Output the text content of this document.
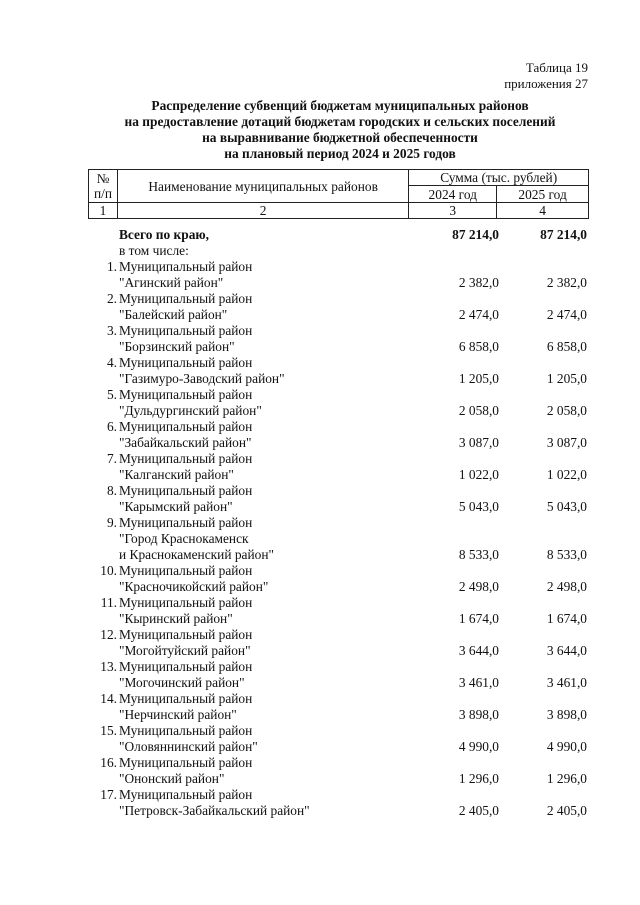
Таблица 19
приложения 27
Распределение субвенций бюджетам муниципальных районов
на предоставление дотаций бюджетам городских и сельских поселений
на выравнивание бюджетной обеспеченности
на плановый период 2024 и 2025 годов
№
п/п	Наименование муниципальных районов	Сумма (тыс. рублей)	
		2024 год	2025 год
1	2	3	4
Всего по краю,	87 214,0	87 214,0
в том числе:
1. Муниципальный район
"Агинский район"	2 382,0	2 382,0
2. Муниципальный район
"Балейский район"	2 474,0	2 474,0
3. Муниципальный район
"Борзинский район"	6 858,0	6 858,0
4. Муниципальный район
"Газимуро-Заводский район"	1 205,0	1 205,0
5. Муниципальный район
"Дульдургинский район"	2 058,0	2 058,0
6. Муниципальный район
"Забайкальский район"	3 087,0	3 087,0
7. Муниципальный район
"Калганский район"	1 022,0	1 022,0
8. Муниципальный район
"Карымский район"	5 043,0	5 043,0
9. Муниципальный район
"Город Краснокаменск
и Краснокаменский район"	8 533,0	8 533,0
10. Муниципальный район
"Красночикойский район"	2 498,0	2 498,0
11. Муниципальный район
"Кыринский район"	1 674,0	1 674,0
12. Муниципальный район
"Могойтуйский район"	3 644,0	3 644,0
13. Муниципальный район
"Могочинский район"	3 461,0	3 461,0
14. Муниципальный район
"Нерчинский район"	3 898,0	3 898,0
15. Муниципальный район
"Оловяннинский район"	4 990,0	4 990,0
16. Муниципальный район
"Ононский район"	1 296,0	1 296,0
17. Муниципальный район
"Петровск-Забайкальский район"	2 405,0	2 405,0
